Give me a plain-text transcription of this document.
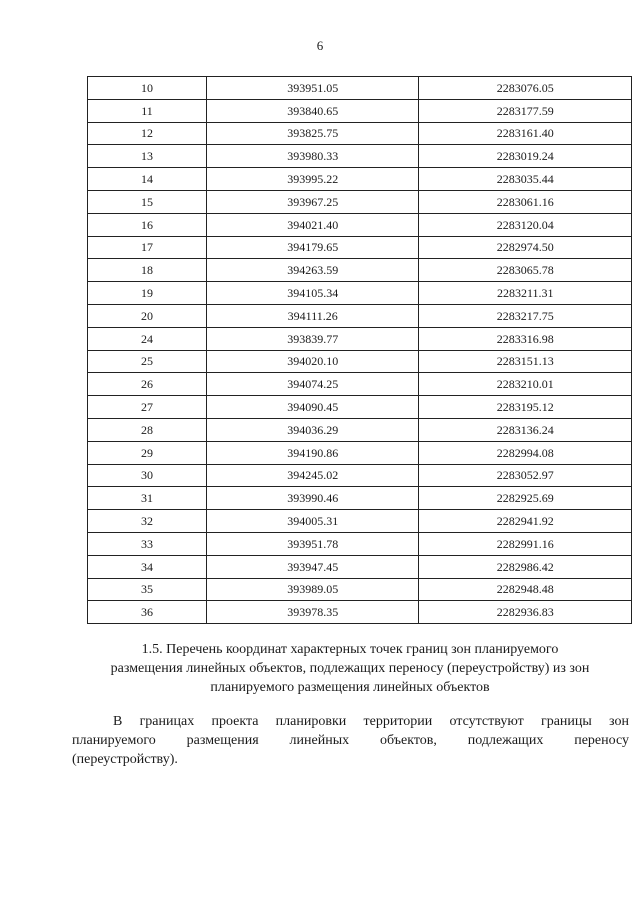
6
10	393951.05	2283076.05
11	393840.65	2283177.59
12	393825.75	2283161.40
13	393980.33	2283019.24
14	393995.22	2283035.44
15	393967.25	2283061.16
16	394021.40	2283120.04
17	394179.65	2282974.50
18	394263.59	2283065.78
19	394105.34	2283211.31
20	394111.26	2283217.75
24	393839.77	2283316.98
25	394020.10	2283151.13
26	394074.25	2283210.01
27	394090.45	2283195.12
28	394036.29	2283136.24
29	394190.86	2282994.08
30	394245.02	2283052.97
31	393990.46	2282925.69
32	394005.31	2282941.92
33	393951.78	2282991.16
34	393947.45	2282986.42
35	393989.05	2282948.48
36	393978.35	2282936.83
1.5. Перечень координат характерных точек границ зон планируемого
размещения линейных объектов, подлежащих переносу (переустройству) из зон
планируемого размещения линейных объектов
В границах проекта планировки территории отсутствуют границы зон
планируемого размещения линейных объектов, подлежащих переносу
(переустройству).
